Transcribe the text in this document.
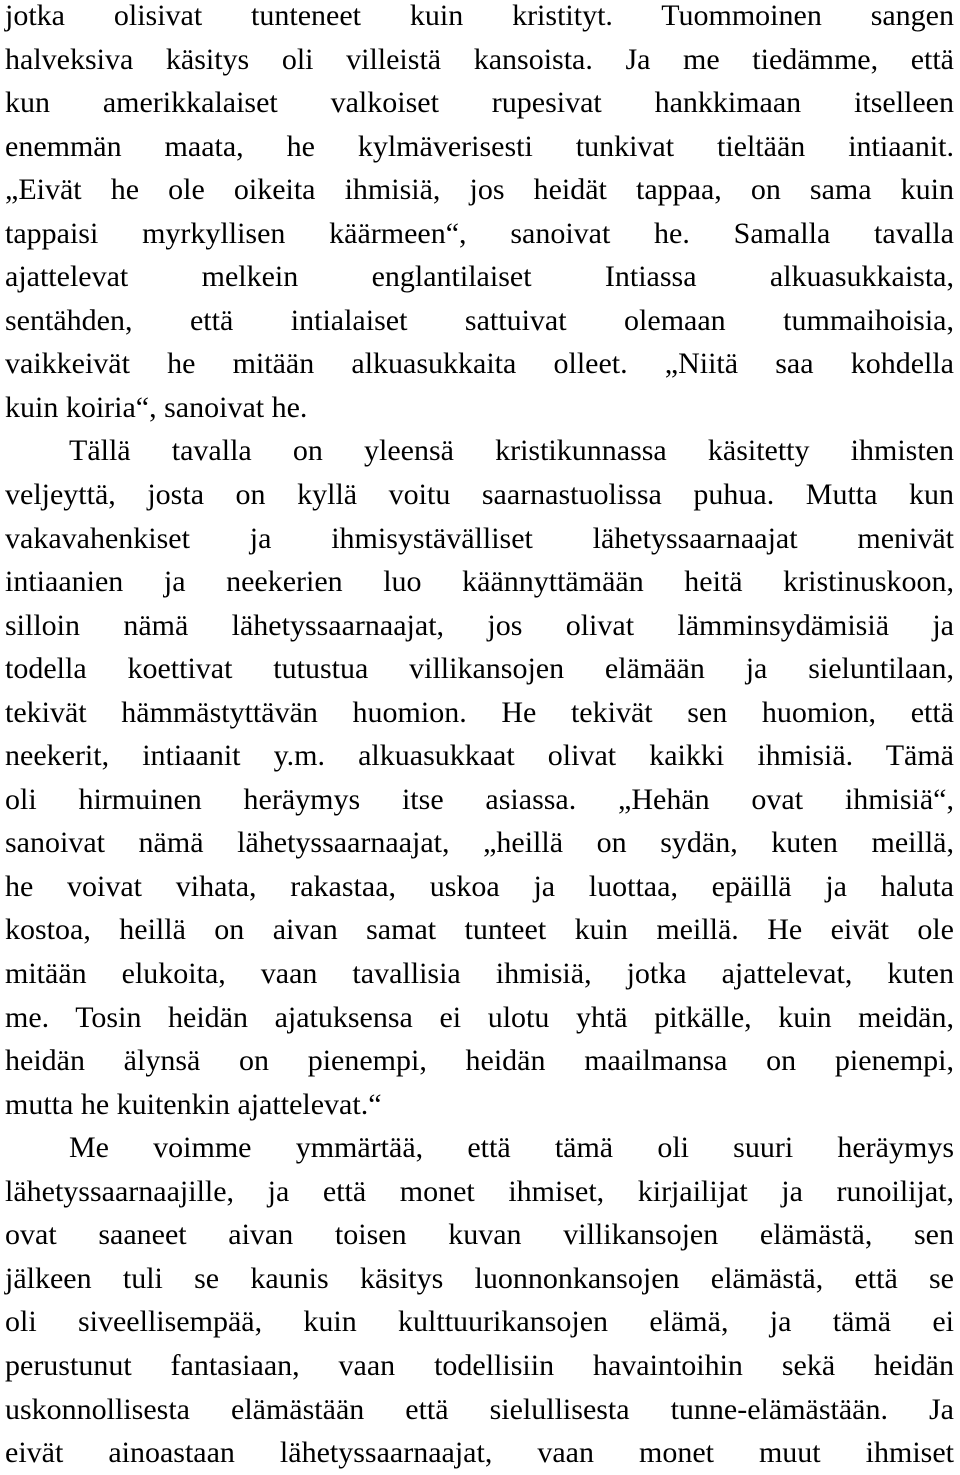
jotka olisivat tunteneet kuin kristityt. Tuommoinen sangen
halveksiva käsitys oli villeistä kansoista. Ja me tiedämme, että
kun amerikkalaiset valkoiset rupesivat hankkimaan itselleen
enemmän maata, he kylmäverisesti tunkivat tieltään intiaanit.
„Eivät he ole oikeita ihmisiä, jos heidät tappaa, on sama kuin
tappaisi myrkyllisen käärmeen“, sanoivat he. Samalla tavalla
ajattelevat melkein englantilaiset Intiassa alkuasukkaista,
sentähden, että intialaiset sattuivat olemaan tummaihoisia,
vaikkeivät he mitään alkuasukkaita olleet. „Niitä saa kohdella
kuin koiria“, sanoivat he.
Tällä tavalla on yleensä kristikunnassa käsitetty ihmisten
veljeyttä, josta on kyllä voitu saarnastuolissa puhua. Mutta kun
vakavahenkiset ja ihmisystävälliset lähetyssaarnaajat menivät
intiaanien ja neekerien luo käännyttämään heitä kristinuskoon,
silloin nämä lähetyssaarnaajat, jos olivat lämminsydämisiä ja
todella koettivat tutustua villikansojen elämään ja sieluntilaan,
tekivät hämmästyttävän huomion. He tekivät sen huomion, että
neekerit, intiaanit y.m. alkuasukkaat olivat kaikki ihmisiä. Tämä
oli hirmuinen heräymys itse asiassa. „Hehän ovat ihmisiä“,
sanoivat nämä lähetyssaarnaajat, „heillä on sydän, kuten meillä,
he voivat vihata, rakastaa, uskoa ja luottaa, epäillä ja haluta
kostoa, heillä on aivan samat tunteet kuin meillä. He eivät ole
mitään elukoita, vaan tavallisia ihmisiä, jotka ajattelevat, kuten
me. Tosin heidän ajatuksensa ei ulotu yhtä pitkälle, kuin meidän,
heidän älynsä on pienempi, heidän maailmansa on pienempi,
mutta he kuitenkin ajattelevat.“
Me voimme ymmärtää, että tämä oli suuri heräymys
lähetyssaarnaajille, ja että monet ihmiset, kirjailijat ja runoilijat,
ovat saaneet aivan toisen kuvan villikansojen elämästä, sen
jälkeen tuli se kaunis käsitys luonnonkansojen elämästä, että se
oli siveellisempää, kuin kulttuurikansojen elämä, ja tämä ei
perustunut fantasiaan, vaan todellisiin havaintoihin sekä heidän
uskonnollisesta elämästään että sielullisesta tunne-elämästään. Ja
eivät ainoastaan lähetyssaarnaajat, vaan monet muut ihmiset
